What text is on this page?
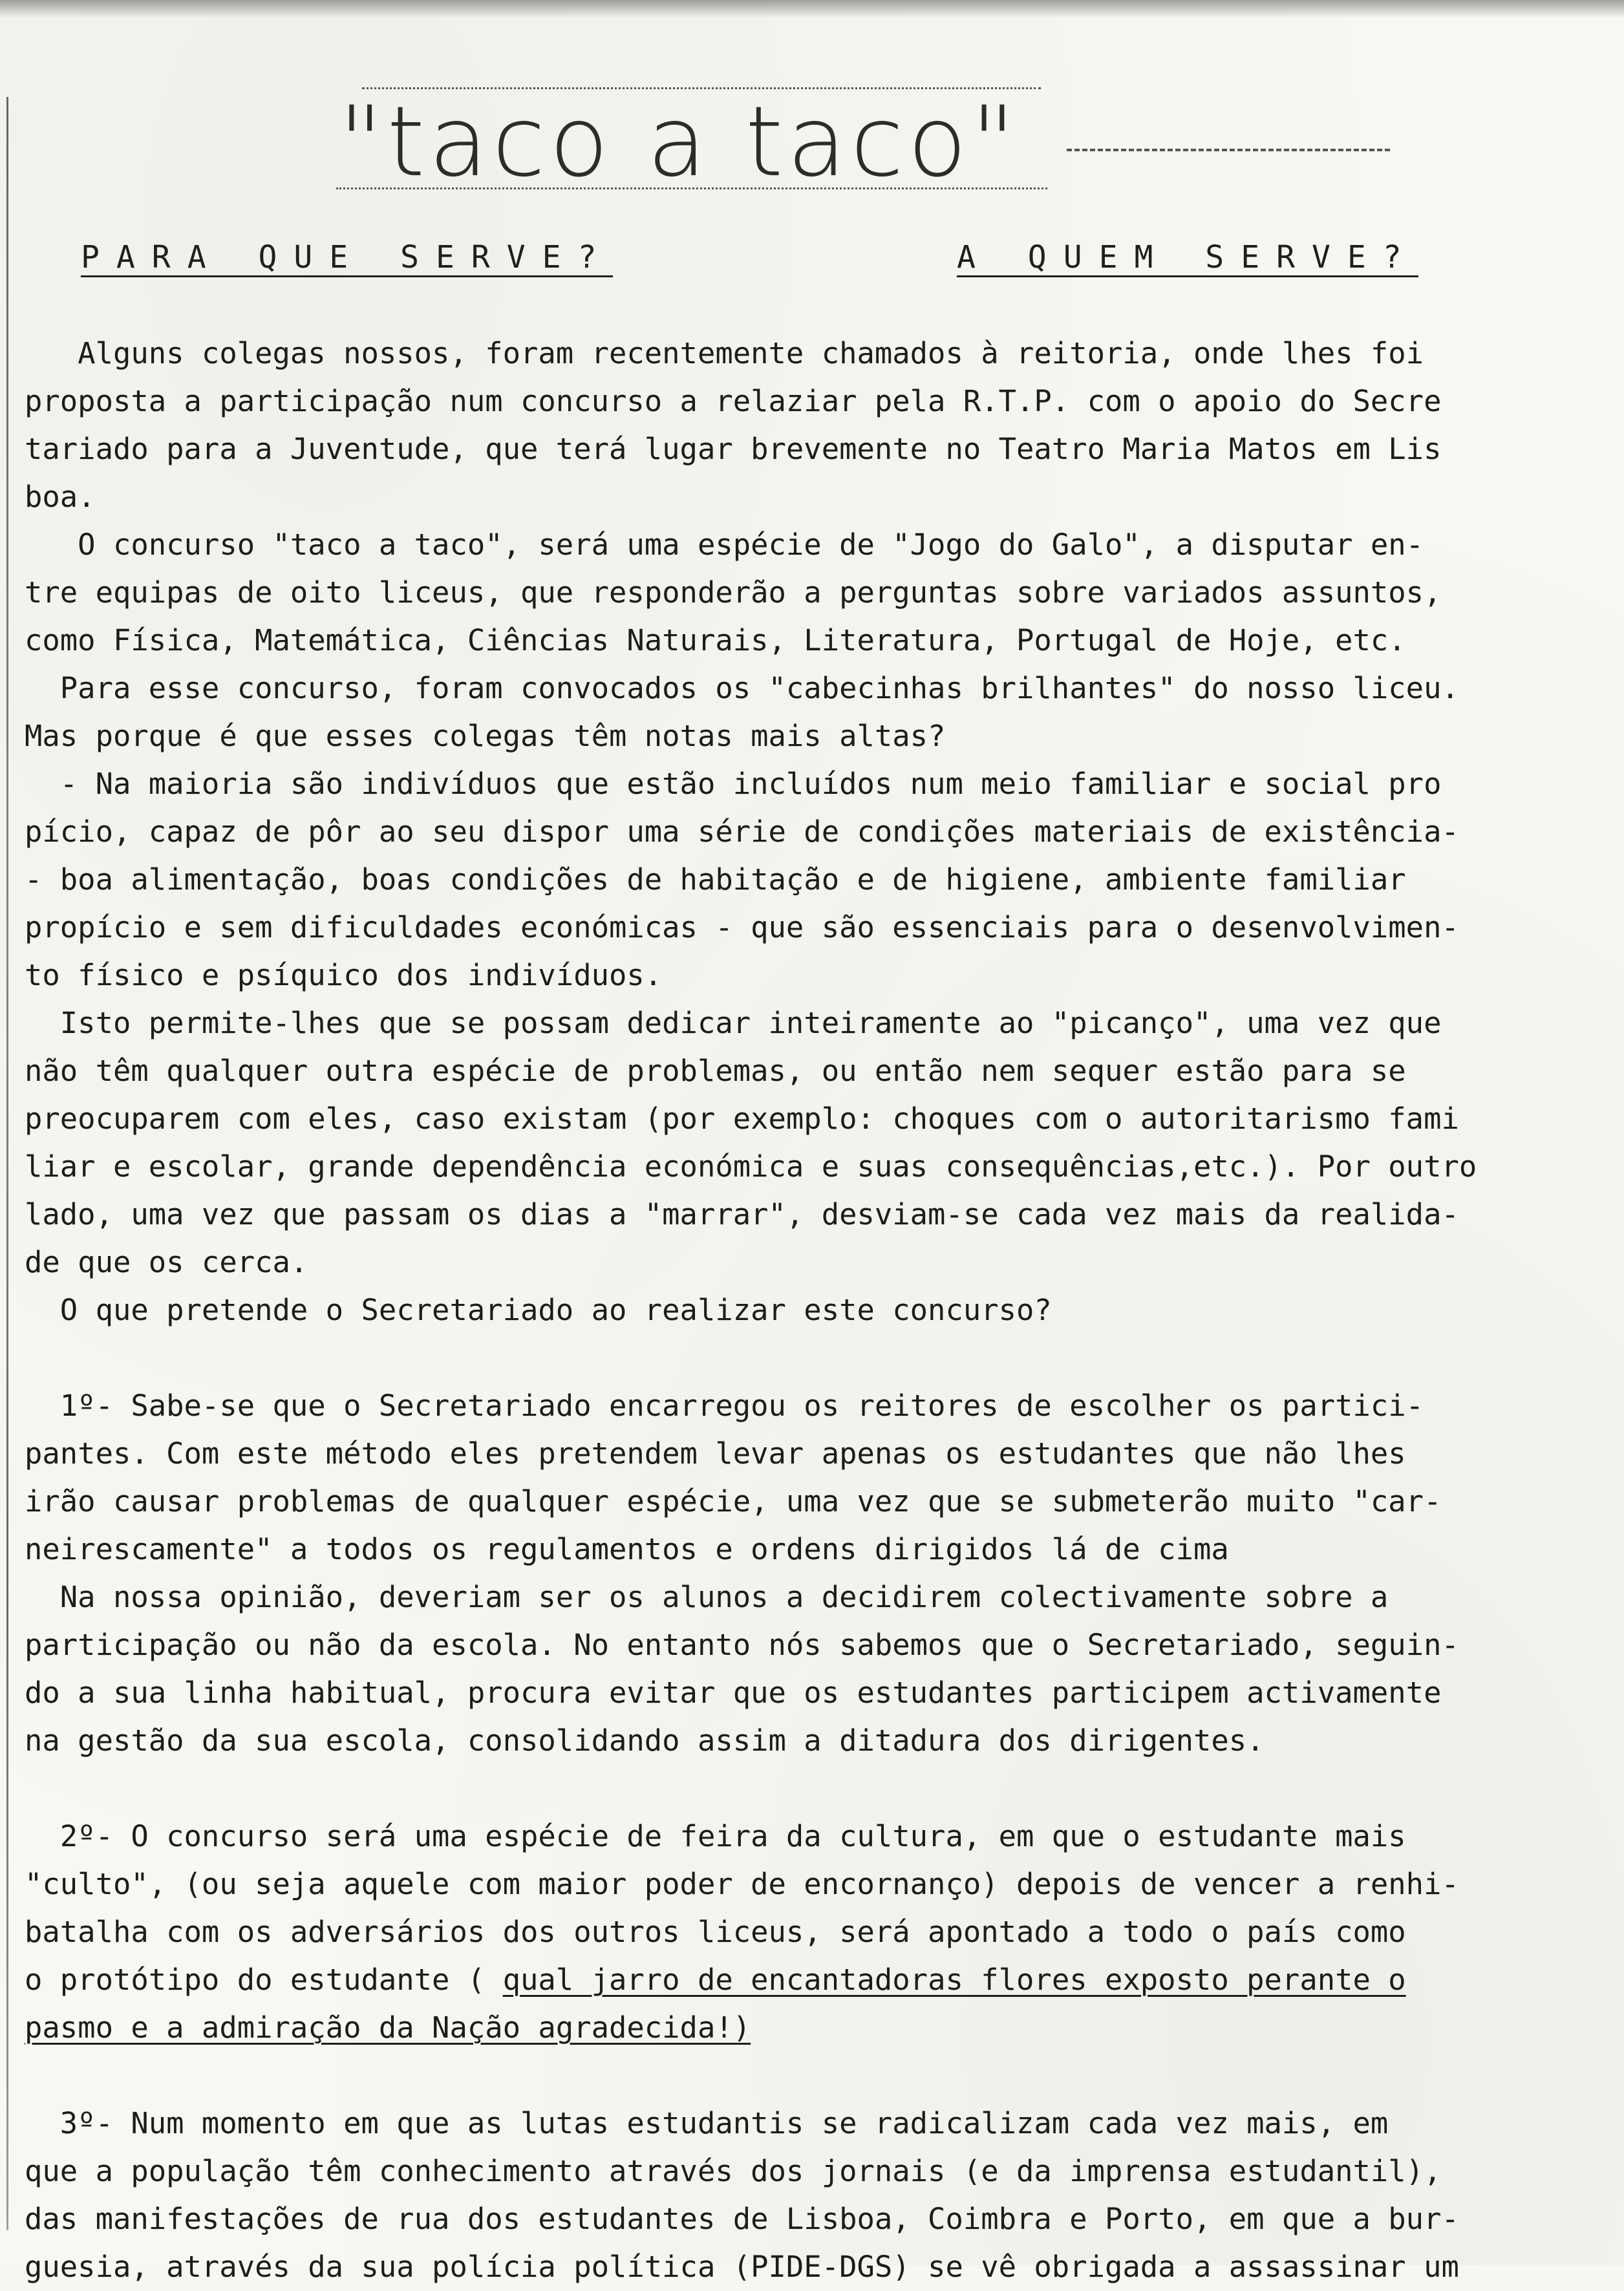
"taco a taco"
PARA QUE SERVE?	A QUEM SERVE?
Alguns colegas nossos, foram recentemente chamados à reitoria, onde lhes foi
proposta a participação num concurso a relaziar pela R.T.P. com o apoio do Secre
tariado para a Juventude, que terá lugar brevemente no Teatro Maria Matos em Lis
boa.
O concurso "taco a taco", será uma espécie de "Jogo do Galo", a disputar en-
tre equipas de oito liceus, que responderão a perguntas sobre variados assuntos,
como Física, Matemática, Ciências Naturais, Literatura, Portugal de Hoje, etc.
Para esse concurso, foram convocados os "cabecinhas brilhantes" do nosso liceu.
Mas porque é que esses colegas têm notas mais altas?
- Na maioria são indivíduos que estão incluídos num meio familiar e social pro
pício, capaz de pôr ao seu dispor uma série de condições materiais de existência-
- boa alimentação, boas condições de habitação e de higiene, ambiente familiar
propício e sem dificuldades económicas - que são essenciais para o desenvolvimen-
to físico e psíquico dos indivíduos.
Isto permite-lhes que se possam dedicar inteiramente ao "picanço", uma vez que
não têm qualquer outra espécie de problemas, ou então nem sequer estão para se
preocuparem com eles, caso existam (por exemplo: choques com o autoritarismo fami
liar e escolar, grande dependência económica e suas consequências,etc.). Por outro
lado, uma vez que passam os dias a "marrar", desviam-se cada vez mais da realida-
de que os cerca.
O que pretende o Secretariado ao realizar este concurso?
1º- Sabe-se que o Secretariado encarregou os reitores de escolher os partici-
pantes. Com este método eles pretendem levar apenas os estudantes que não lhes
irão causar problemas de qualquer espécie, uma vez que se submeterão muito "car-
neirescamente" a todos os regulamentos e ordens dirigidos lá de cima
Na nossa opinião, deveriam ser os alunos a decidirem colectivamente sobre a
participação ou não da escola. No entanto nós sabemos que o Secretariado, seguin-
do a sua linha habitual, procura evitar que os estudantes participem activamente
na gestão da sua escola, consolidando assim a ditadura dos dirigentes.
2º- O concurso será uma espécie de feira da cultura, em que o estudante mais
"culto", (ou seja aquele com maior poder de encornanço) depois de vencer a renhi-
batalha com os adversários dos outros liceus, será apontado a todo o país como
o protótipo do estudante ( qual jarro de encantadoras flores exposto perante o
pasmo e a admiração da Nação agradecida!)
3º- Num momento em que as lutas estudantis se radicalizam cada vez mais, em
que a população têm conhecimento através dos jornais (e da imprensa estudantil),
das manifestações de rua dos estudantes de Lisboa, Coimbra e Porto, em que a bur-
guesia, através da sua polícia política (PIDE-DGS) se vê obrigada a assassinar um
